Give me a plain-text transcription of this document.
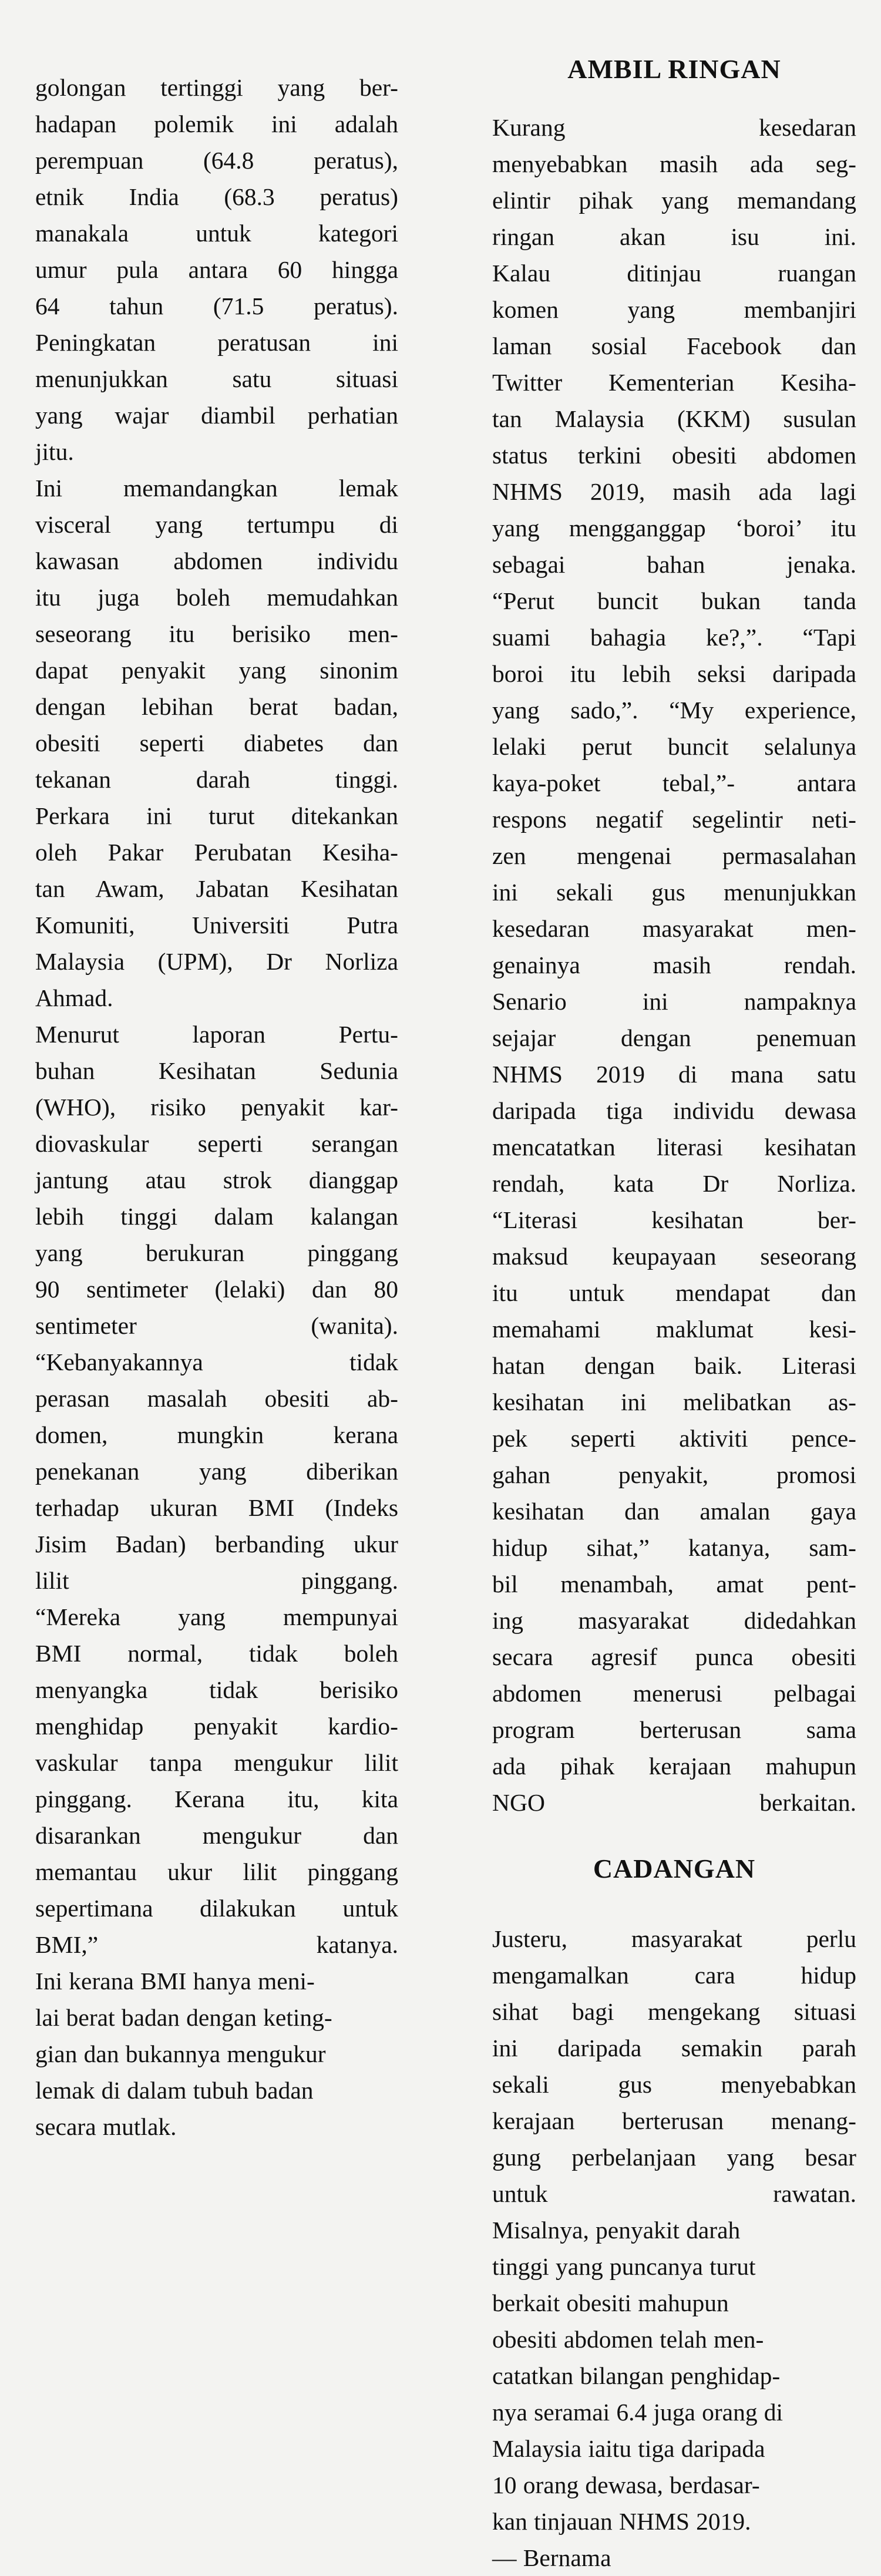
golongan tertinggi yang ber-
hadapan polemik ini adalah
perempuan (64.8 peratus),
etnik India (68.3 peratus)
manakala untuk kategori
umur pula antara 60 hingga
64 tahun (71.5 peratus).

Peningkatan peratusan ini
menunjukkan satu situasi
yang wajar diambil perhatian
jitu.

Ini memandangkan lemak
visceral yang tertumpu di
kawasan abdomen individu
itu juga boleh memudahkan
seseorang itu berisiko men-
dapat penyakit yang sinonim
dengan lebihan berat badan,
obesiti seperti diabetes dan
tekanan darah tinggi.

Perkara ini turut ditekankan
oleh Pakar Perubatan Kesiha-
tan Awam, Jabatan Kesihatan
Komuniti, Universiti Putra
Malaysia (UPM), Dr Norliza
Ahmad.

Menurut laporan Pertu-
buhan Kesihatan Sedunia
(WHO), risiko penyakit kar-
diovaskular seperti serangan
jantung atau strok dianggap
lebih tinggi dalam kalangan
yang berukuran pinggang
90 sentimeter (lelaki) dan 80
sentimeter (wanita).

“Kebanyakannya tidak
perasan masalah obesiti ab-
domen, mungkin kerana
penekanan yang diberikan
terhadap ukuran BMI (Indeks
Jisim Badan) berbanding ukur
lilit pinggang.

“Mereka yang mempunyai
BMI normal, tidak boleh
menyangka tidak berisiko
menghidap penyakit kardio-
vaskular tanpa mengukur lilit
pinggang. Kerana itu, kita
disarankan mengukur dan
memantau ukur lilit pinggang
sepertimana dilakukan untuk
BMI,” katanya.

Ini kerana BMI hanya meni-
lai berat badan dengan keting-
gian dan bukannya mengukur
lemak di dalam tubuh badan
secara mutlak.

AMBIL RINGAN

Kurang kesedaran
menyebabkan masih ada seg-
elintir pihak yang memandang
ringan akan isu ini.

Kalau ditinjau ruangan
komen yang membanjiri
laman sosial Facebook dan
Twitter Kementerian Kesiha-
tan Malaysia (KKM) susulan
status terkini obesiti abdomen
NHMS 2019, masih ada lagi
yang mengganggap ‘boroi’ itu
sebagai bahan jenaka.

“Perut buncit bukan tanda
suami bahagia ke?,”. “Tapi
boroi itu lebih seksi daripada
yang sado,”. “My experience,
lelaki perut buncit selalunya
kaya-poket tebal,”- antara
respons negatif segelintir neti-
zen mengenai permasalahan
ini sekali gus menunjukkan
kesedaran masyarakat men-
genainya masih rendah.

Senario ini nampaknya
sejajar dengan penemuan
NHMS 2019 di mana satu
daripada tiga individu dewasa
mencatatkan literasi kesihatan
rendah, kata Dr Norliza.

“Literasi kesihatan ber-
maksud keupayaan seseorang
itu untuk mendapat dan
memahami maklumat kesi-
hatan dengan baik. Literasi
kesihatan ini melibatkan as-
pek seperti aktiviti pence-
gahan penyakit, promosi
kesihatan dan amalan gaya
hidup sihat,” katanya, sam-
bil menambah, amat pent-
ing masyarakat didedahkan
secara agresif punca obesiti
abdomen menerusi pelbagai
program berterusan sama
ada pihak kerajaan mahupun
NGO berkaitan.

CADANGAN

Justeru, masyarakat perlu
mengamalkan cara hidup
sihat bagi mengekang situasi
ini daripada semakin parah
sekali gus menyebabkan
kerajaan berterusan menang-
gung perbelanjaan yang besar
untuk rawatan.

Misalnya, penyakit darah
tinggi yang puncanya turut
berkait obesiti mahupun
obesiti abdomen telah men-
catatkan bilangan penghidap-
nya seramai 6.4 juga orang di
Malaysia iaitu tiga daripada
10 orang dewasa, berdasar-
kan tinjauan NHMS 2019.
— Bernama
